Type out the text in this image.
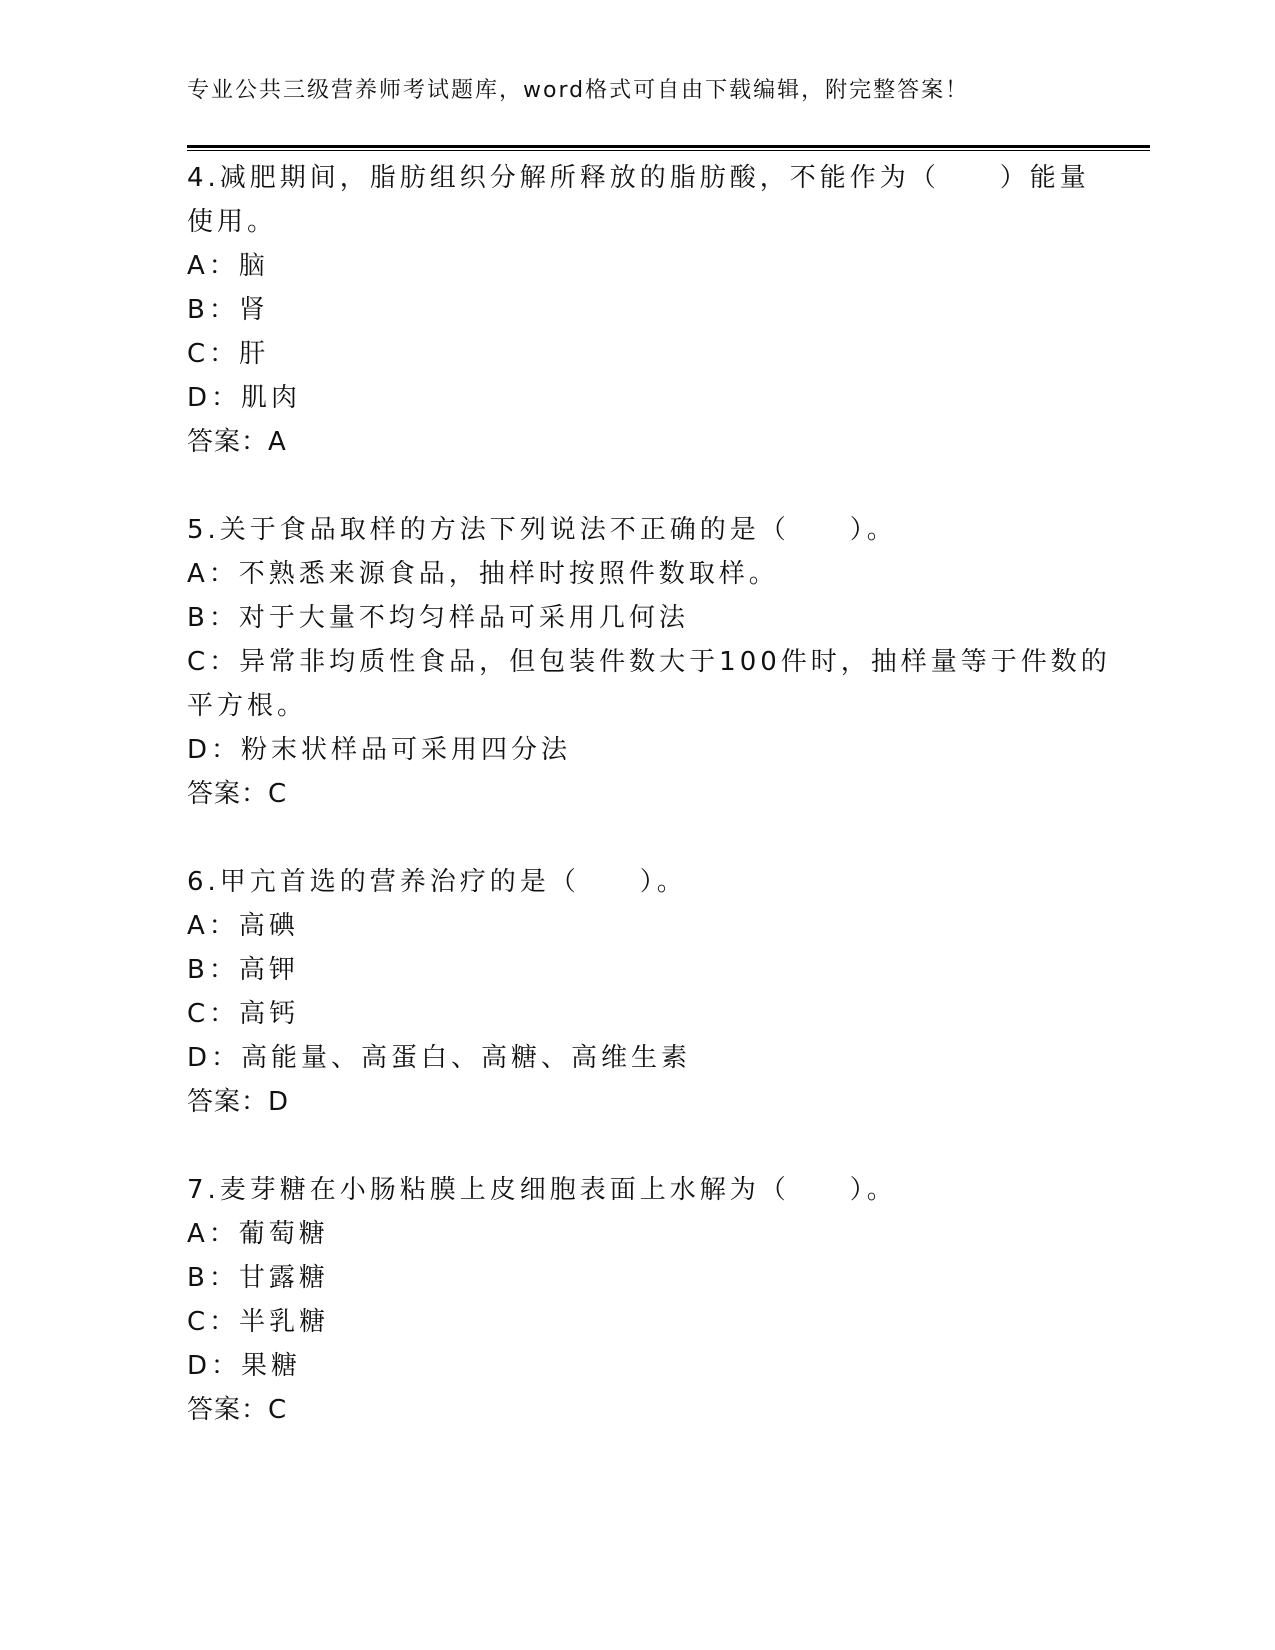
专业公共三级营养师考试题库，word格式可自由下载编辑，附完整答案！
4.减肥期间，脂肪组织分解所释放的脂肪酸，不能作为（　　）能量
使用。
A：脑
B：肾
C：肝
D：肌肉
答案：A
5.关于食品取样的方法下列说法不正确的是（　　）。
A：不熟悉来源食品，抽样时按照件数取样。
B：对于大量不均匀样品可采用几何法
C：异常非均质性食品，但包装件数大于100件时，抽样量等于件数的
平方根。
D：粉末状样品可采用四分法
答案：C
6.甲亢首选的营养治疗的是（　　）。
A：高碘
B：高钾
C：高钙
D：高能量、高蛋白、高糖、高维生素
答案：D
7.麦芽糖在小肠粘膜上皮细胞表面上水解为（　　）。
A：葡萄糖
B：甘露糖
C：半乳糖
D：果糖
答案：C
